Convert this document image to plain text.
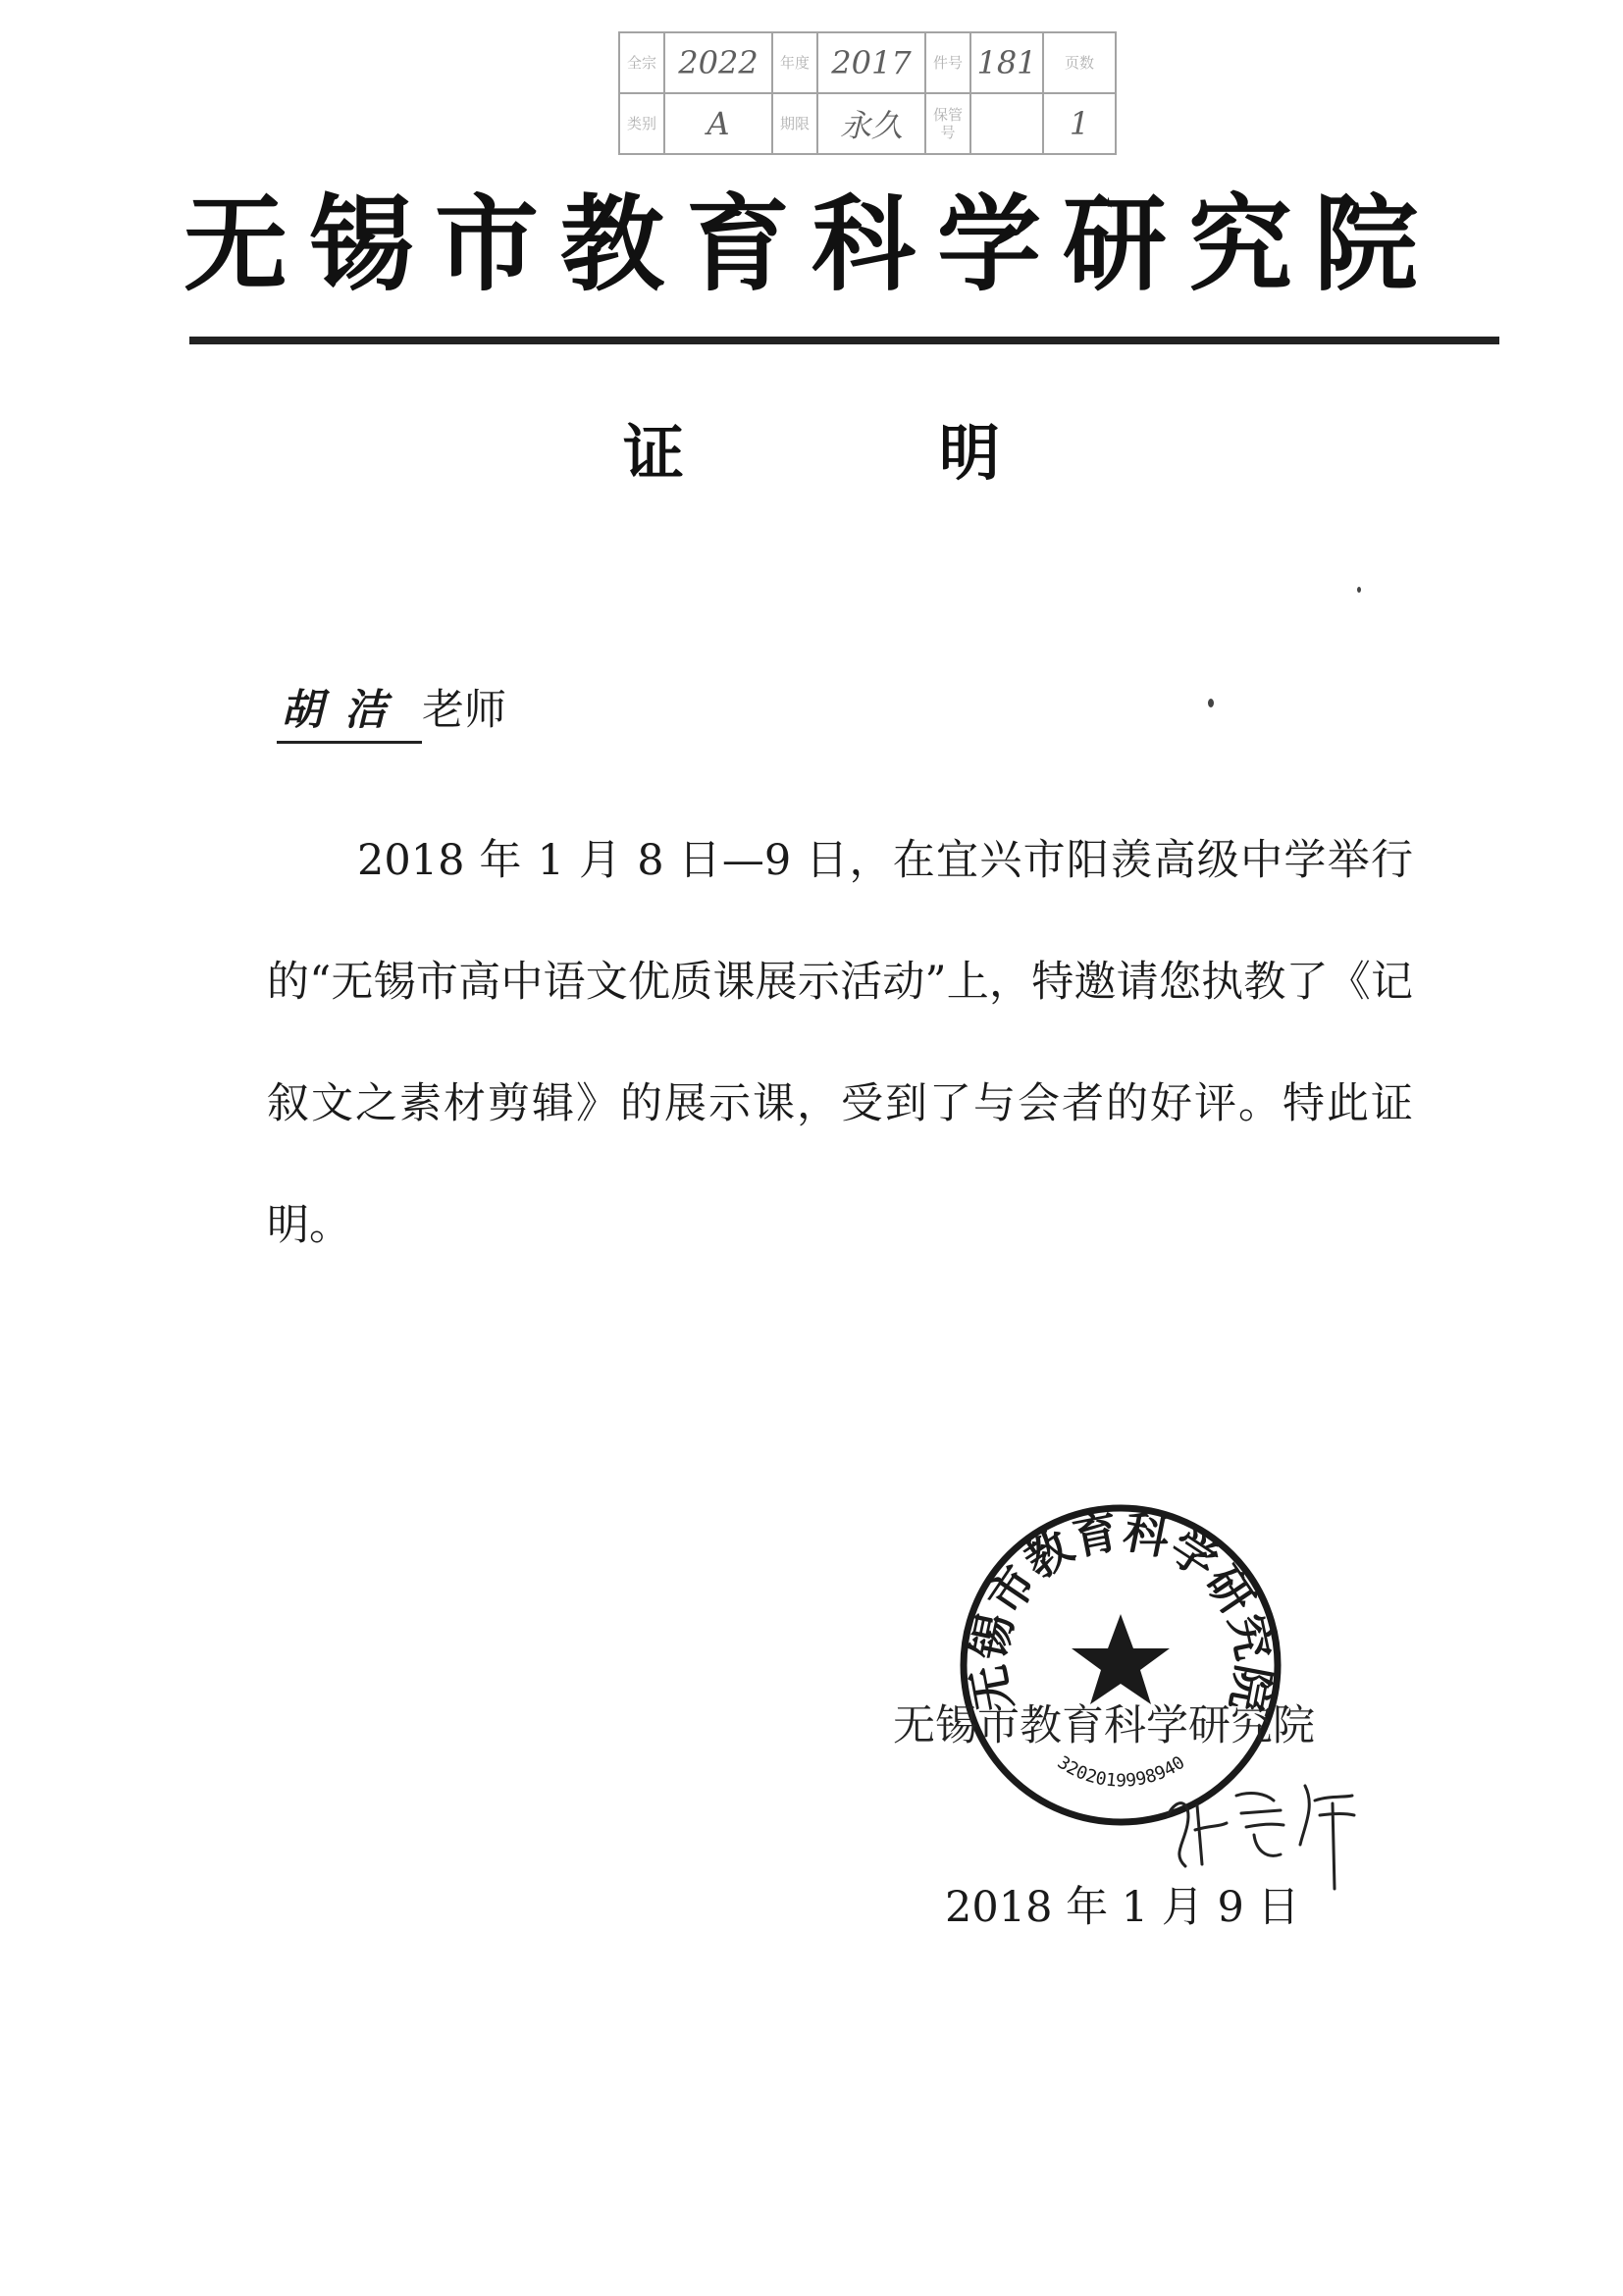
全宗	2022	年度	2017	件号	181	页数
类别	A	期限	永久	保管号		1
无锡市教育科学研究院
证明
胡洁 老师

2018 年 1 月 8 日—9 日，在宜兴市阳羡高级中学举行的“无锡市高中语文优质课展示活动”上，特邀请您执教了《记叙文之素材剪辑》的展示课，受到了与会者的好评。特此证明。

无锡市教育科学研究院
3202019998940
无锡市教育科学研究院
2018 年 1 月 9 日
